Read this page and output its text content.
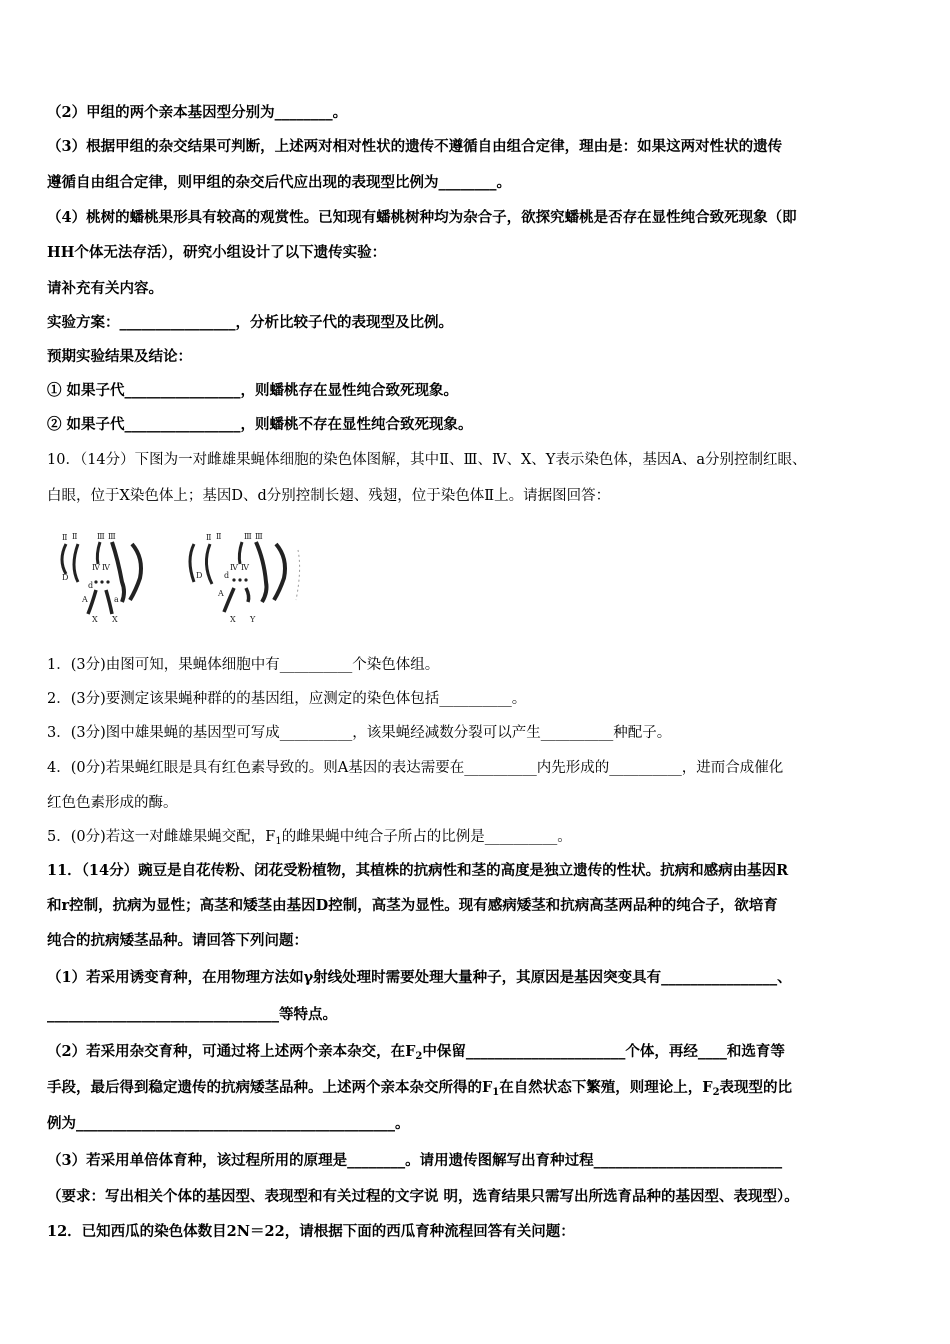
（2）甲组的两个亲本基因型分别为________。
（3）根据甲组的杂交结果可判断，上述两对相对性状的遗传不遵循自由组合定律，理由是：如果这两对性状的遗传
遵循自由组合定律，则甲组的杂交后代应出现的表现型比例为________。
（4）桃树的蟠桃果形具有较高的观赏性。已知现有蟠桃树种均为杂合子，欲探究蟠桃是否存在显性纯合致死现象（即
HH个体无法存活），研究小组设计了以下遗传实验：
请补充有关内容。
实验方案：________________，分析比较子代的表现型及比例。
预期实验结果及结论：
① 如果子代________________，则蟠桃存在显性纯合致死现象。
② 如果子代________________，则蟠桃不存在显性纯合致死现象。
10．（14分）下图为一对雌雄果蝇体细胞的染色体图解，其中Ⅱ、Ⅲ、Ⅳ、X、Y表示染色体，基因A、a分别控制红眼、
白眼，位于X染色体上；基因D、d分别控制长翅、残翅，位于染色体Ⅱ上。请据图回答：
Ⅱ Ⅱ Ⅲ Ⅲ
Ⅳ Ⅳ
D
d
A	a
X X
Ⅱ Ⅱ	Ⅲ Ⅲ
Ⅳ Ⅳ
D	d
A
X Y
1．(3分)由图可知，果蝇体细胞中有__________个染色体组。
2．(3分)要测定该果蝇种群的的基因组，应测定的染色体包括__________。
3．(3分)图中雄果蝇的基因型可写成__________，该果蝇经减数分裂可以产生__________种配子。
4．(0分)若果蝇红眼是具有红色素导致的。则A基因的表达需要在__________内先形成的__________，进而合成催化
红色色素形成的酶。
5．(0分)若这一对雌雄果蝇交配，$F_1$的雌果蝇中纯合子所占的比例是__________。
11．（14分）豌豆是自花传粉、闭花受粉植物，其植株的抗病性和茎的高度是独立遗传的性状。抗病和感病由基因R
和r控制，抗病为显性；高茎和矮茎由基因D控制，高茎为显性。现有感病矮茎和抗病高茎两品种的纯合子，欲培育
纯合的抗病矮茎品种。请回答下列问题：
（1）若采用诱变育种，在用物理方法如γ射线处理时需要处理大量种子，其原因是基因突变具有________________、
________________________________等特点。
（2）若采用杂交育种，可通过将上述两个亲本杂交，在$F_2$中保留______________________个体，再经____和选育等
手段，最后得到稳定遗传的抗病矮茎品种。上述两个亲本杂交所得的$F_1$在自然状态下繁殖，则理论上，$F_2$表现型的比
例为____________________________________________。
（3）若采用单倍体育种，该过程所用的原理是________。请用遗传图解写出育种过程__________________________
（要求：写出相关个体的基因型、表现型和有关过程的文字说 明，选育结果只需写出所选育品种的基因型、表现型）。
12．已知西瓜的染色体数目2N＝22，请根据下面的西瓜育种流程回答有关问题：
